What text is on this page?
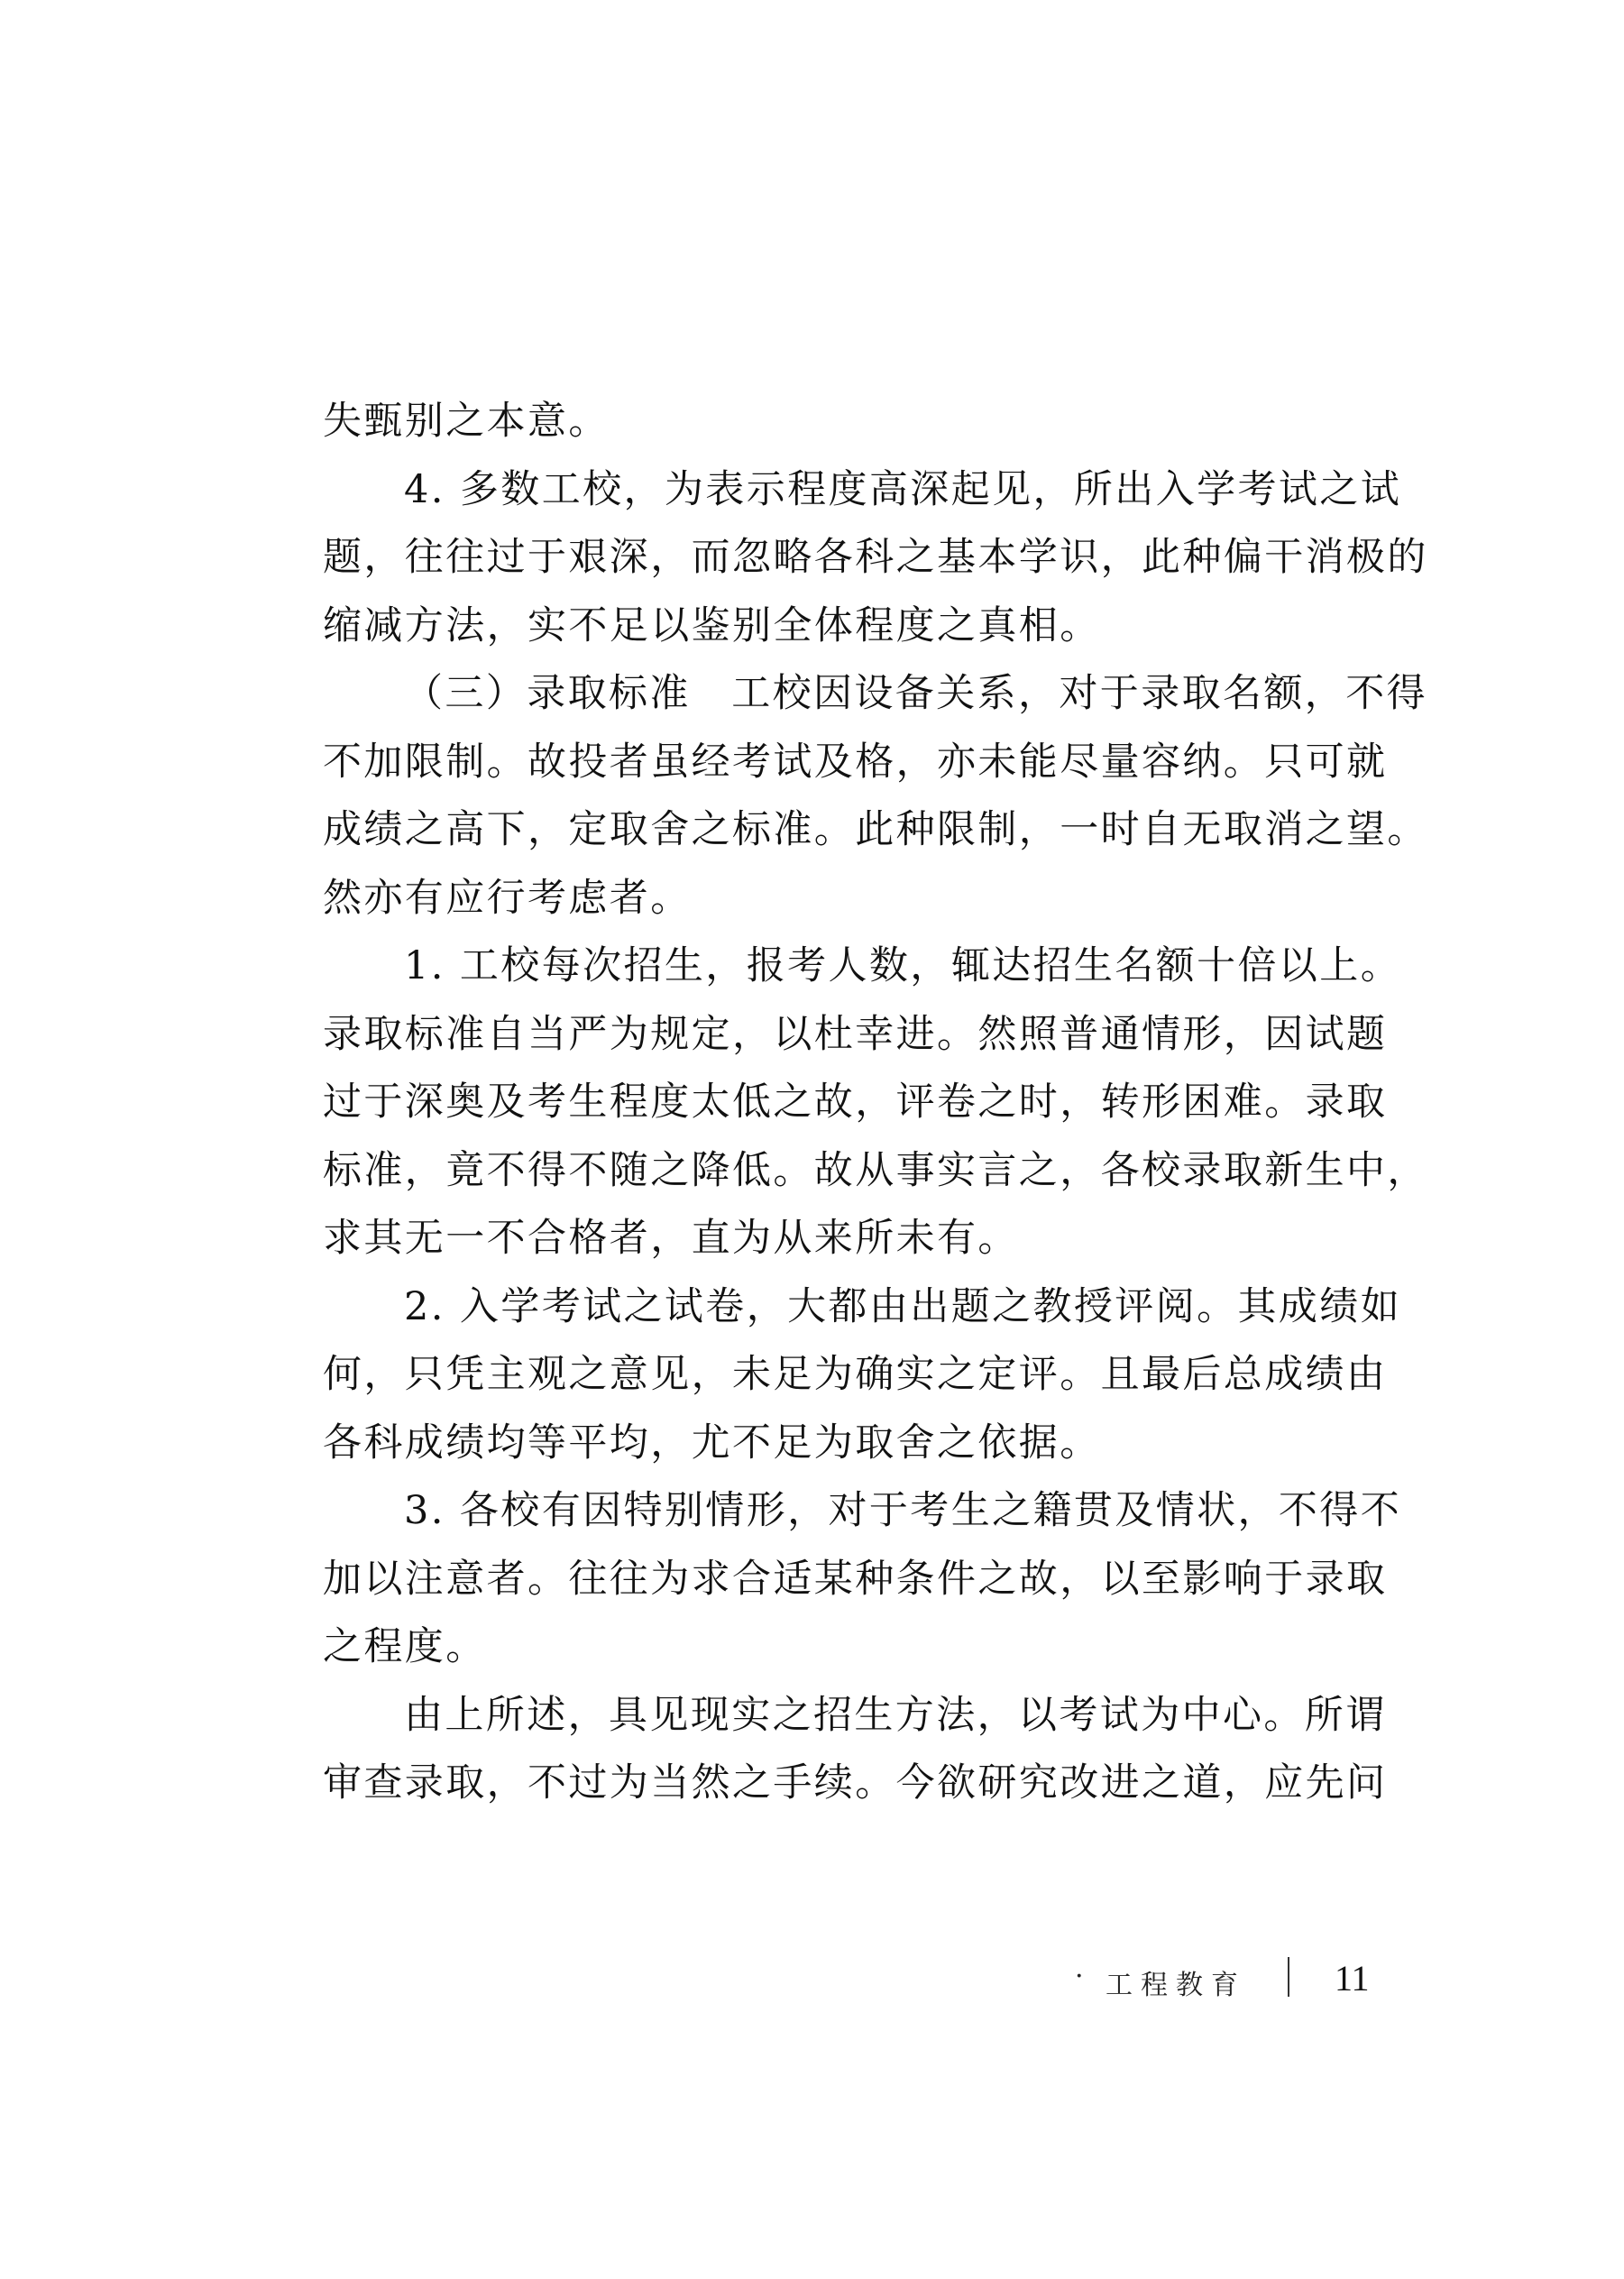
失甄别之本意。
4. 多数工校，为表示程度高深起见，所出入学考试之试
题，往往过于艰深，而忽略各科之基本学识，此种偏干消极的
缩减方法，实不足以鉴别全体程度之真相。
（三）录取标准　工校因设备关系，对于录取名额，不得
不加限制。故投者虽经考试及格，亦未能尽量容纳。只可就
成绩之高下，定取舍之标准。此种限制，一时自无取消之望。
然亦有应行考虑者。
1. 工校每次招生，报考人数，辄达招生名额十倍以上。
录取标准自当严为规定，以杜幸进。然照普通情形，因试题
过于深奥及考生程度太低之故，评卷之时，转形困难。录取
标准，竟不得不随之降低。故从事实言之，各校录取新生中，
求其无一不合格者，直为从来所未有。
2. 入学考试之试卷，大都由出题之教授评阅。其成绩如
何，只凭主观之意见，未足为确实之定评。且最后总成绩由
各科成绩均等平均，尤不足为取舍之依据。
3. 各校有因特别情形，对于考生之籍贯及情状，不得不
加以注意者。往往为求合适某种条件之故，以至影响于录取
之程度。
由上所述，具见现实之招生方法，以考试为中心。所谓
审查录取，不过为当然之手续。今欲研究改进之道，应先问
· 工程教育 11
